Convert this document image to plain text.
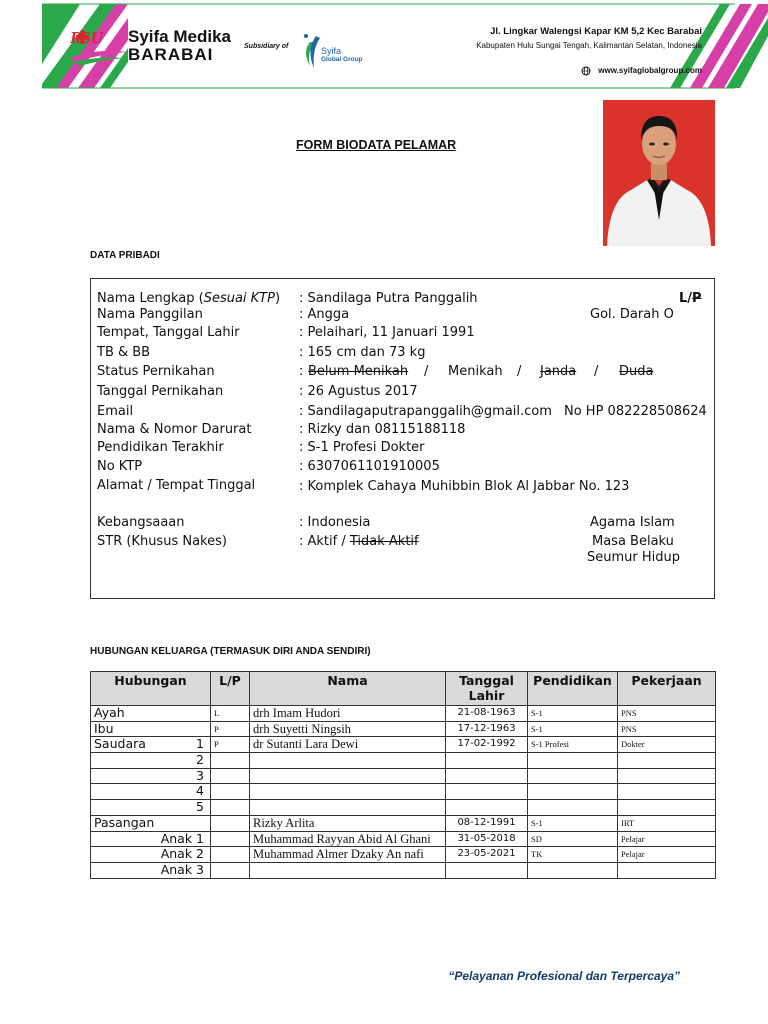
RSU Syifa Medika
BARABAI	Subsidiary of	Syifa
Global Group
Jl. Lingkar Walengsi Kapar KM 5,2 Kec Barabai
Kabupaten Hulu Sungai Tengah, Kalimantan Selatan, Indonesia
www.syifaglobalgroup.com
FORM BIODATA PELAMAR
DATA PRIBADI
Nama Lengkap (Sesuai KTP) : Sandilaga Putra Panggalih	L/P
Nama Panggilan	: Angga	Gol. Darah O
Tempat, Tanggal Lahir	: Pelaihari, 11 Januari 1991
TB & BB	: 165 cm dan 73 kg
Status Pernikahan	: Belum Menikah / Menikah / Janda / Duda
Tanggal Pernikahan	: 26 Agustus 2017
Email	: Sandilagaputrapanggalih@gmail.com No HP 082228508624
Nama & Nomor Darurat	: Rizky dan 08115188118
Pendidikan Terakhir	: S-1 Profesi Dokter
No KTP	: 6307061101910005
Alamat / Tempat Tinggal	: Komplek Cahaya Muhibbin Blok Al Jabbar No. 123
Kebangsaaan	: Indonesia	Agama Islam
STR (Khusus Nakes)	: Aktif / Tidak Aktif	Masa Belaku
Seumur Hidup
HUBUNGAN KELUARGA (TERMASUK DIRI ANDA SENDIRI)
Hubungan	L/P	Nama	Tanggal Lahir	Pendidikan	Pekerjaan
Ayah	L	drh Imam Hudori	21-08-1963	S-1	PNS
Ibu	P	drh Suyetti Ningsih	17-12-1963	S-1	PNS
Saudara 1	P	dr Sutanti Lara Dewi	17-02-1992	S-1 Profesi	Dokter

2					

3					

4					

5					

Pasangan		Rizky Arlita	08-12-1991	S-1	IRT

Anak 1		Muhammad Rayyan Abid Al Ghani	31-05-2018	SD	Pelajar

Anak 2		Muhammad Almer Dzaky An nafi	23-05-2021	TK	Pelajar

Anak 3					

“Pelayanan Profesional dan Terpercaya”
